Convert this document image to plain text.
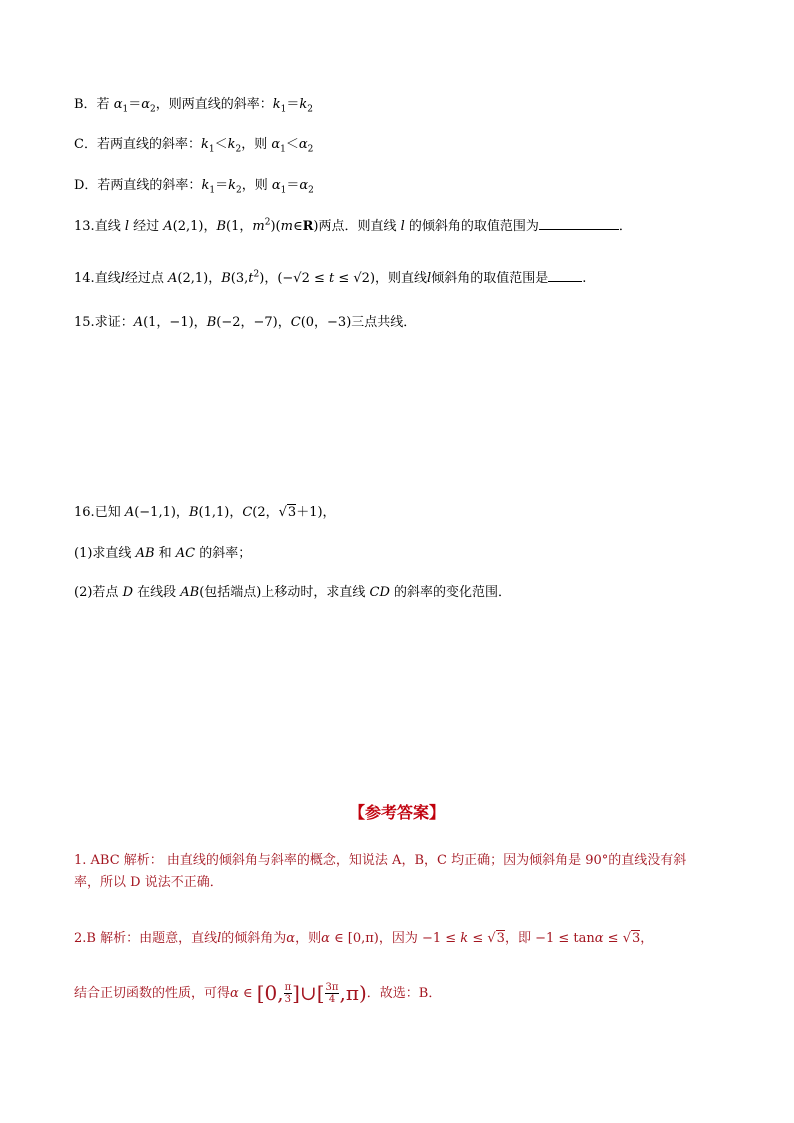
B．若 $\alpha_1=\alpha_2$，则两直线的斜率：$k_1=k_2$
C．若两直线的斜率：$k_1<k_2$，则 $\alpha_1<\alpha_2$
D．若两直线的斜率：$k_1=k_2$，则 $\alpha_1=\alpha_2$
13.直线 l 经过 A(2,1)，B(1，$m^2)(m\in R)$两点．则直线 l 的倾斜角的取值范围为	．
14.直线l经过点 A(2,1)，$B(3,t^2)$，(−√2 ≤ t ≤ √2)，则直线l倾斜角的取值范围是	.
15.求证：A(1，−1)，B(−2，−7)，C(0，−3)三点共线．
16.已知 A(−1,1)，B(1,1)，C(2，√3＋1)，
(1)求直线 AB 和 AC 的斜率；
(2)若点 D 在线段 AB(包括端点)上移动时，求直线 CD 的斜率的变化范围．
【参考答案】
1. ABC 解析： 由直线的倾斜角与斜率的概念，知说法 A，B，C 均正确；因为倾斜角是 90°的直线没有斜
率，所以 D 说法不正确．
2.B 解析：由题意，直线l的倾斜角为α，则α ∈ [0,π)，因为 −1 ≤ k ≤ √3，即 −1 ≤ tanα ≤ √3，
结合正切函数的性质，可得α ∈ [0, $\frac{\pi}{3}$ ]∪[ $\frac{3\pi}{4} ,\pi$)．故选：B．
